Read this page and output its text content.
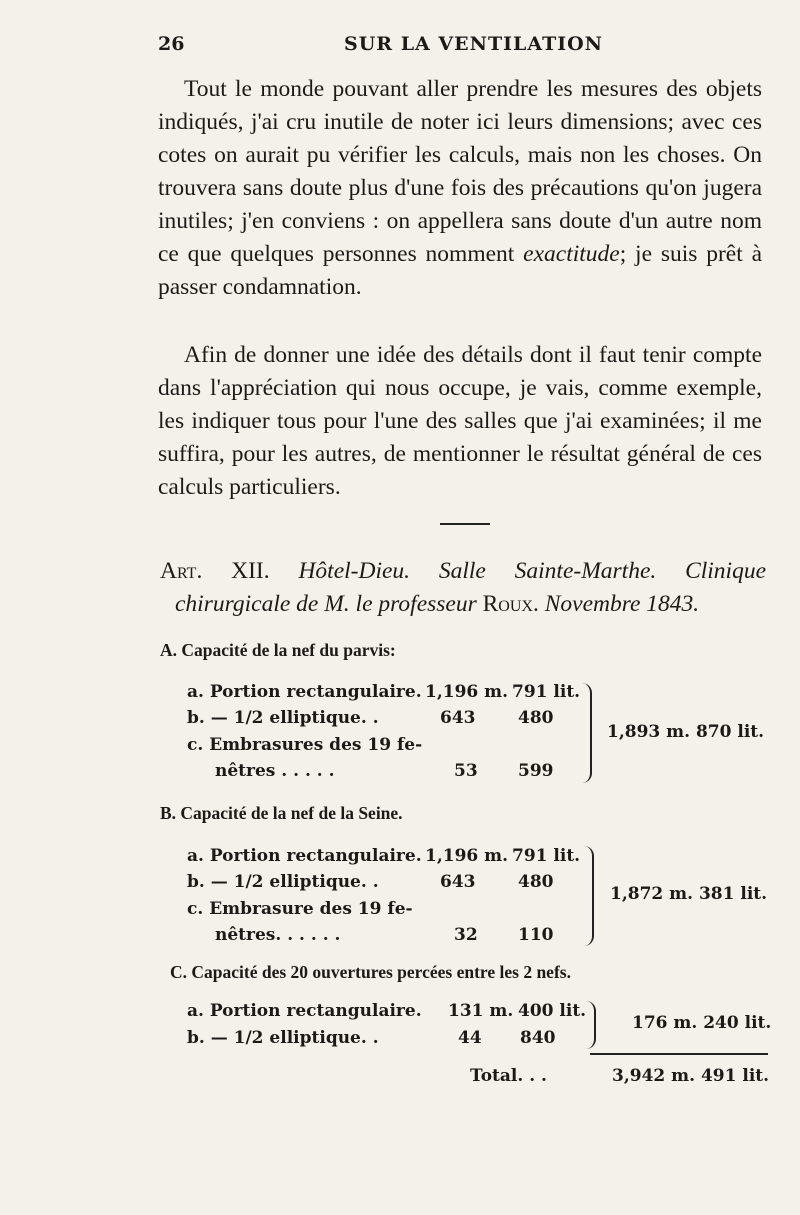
26	SUR LA VENTILATION

Tout le monde pouvant aller prendre les mesures des objets indiqués, j'ai cru inutile de noter ici leurs dimensions; avec ces cotes on aurait pu vérifier les calculs, mais non les choses. On trouvera sans doute plus d'une fois des précautions qu'on jugera inutiles; j'en conviens : on appellera sans doute d'un autre nom ce que quelques personnes nomment exactitude; je suis prêt à passer condamnation.

Afin de donner une idée des détails dont il faut tenir compte dans l'appréciation qui nous occupe, je vais, comme exemple, les indiquer tous pour l'une des salles que j'ai examinées; il me suffira, pour les autres, de mentionner le résultat général de ces calculs particuliers.

Art. XII. Hôtel-Dieu. Salle Sainte-Marthe. Clinique
chirurgicale de M. le professeur Roux. Novembre 1843.
A. Capacité de la nef du parvis:
a. Portion rectangulaire. 1,196 m. 791 lit.
b. — 1/2 elliptique. .	643	480
c. Embrasures des 19 fe-
nêtres . . . . .	53 599
1,893 m. 870 lit.
B. Capacité de la nef de la Seine.
a. Portion rectangulaire. 1,196 m. 791 lit.
b. — 1/2 elliptique. .	643	480
c. Embrasure des 19 fe-
nêtres. . . . . .	32 110
1,872 m. 381 lit.
C. Capacité des 20 ouvertures percées entre les 2 nefs.
a. Portion rectangulaire. 131 m. 400 lit.
b. — 1/2 elliptique. .	44 840
176 m. 240 lit.
Total. . .	3,942 m. 491 lit.
